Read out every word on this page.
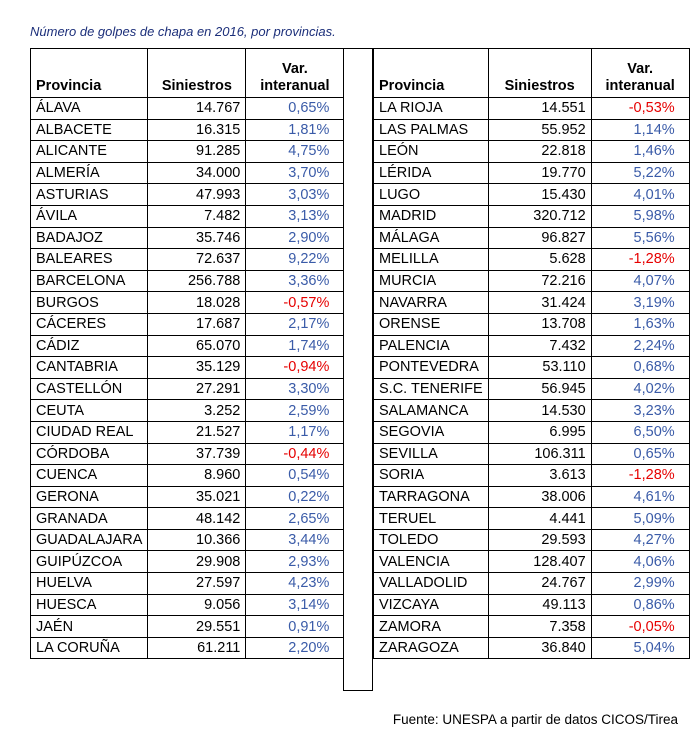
Número de golpes de chapa en 2016, por provincias.
Provincia	Siniestros	Var.
interanual
ÁLAVA	14.767	0,65%
ALBACETE	16.315	1,81%
ALICANTE	91.285	4,75%
ALMERÍA	34.000	3,70%
ASTURIAS	47.993	3,03%
ÁVILA	7.482	3,13%
BADAJOZ	35.746	2,90%
BALEARES	72.637	9,22%
BARCELONA	256.788	3,36%
BURGOS	18.028	-0,57%
CÁCERES	17.687	2,17%
CÁDIZ	65.070	1,74%
CANTABRIA	35.129	-0,94%
CASTELLÓN	27.291	3,30%
CEUTA	3.252	2,59%
CIUDAD REAL	21.527	1,17%
CÓRDOBA	37.739	-0,44%
CUENCA	8.960	0,54%
GERONA	35.021	0,22%
GRANADA	48.142	2,65%
GUADALAJARA	10.366	3,44%
GUIPÚZCOA	29.908	2,93%
HUELVA	27.597	4,23%
HUESCA	9.056	3,14%
JAÉN	29.551	0,91%
LA CORUÑA	61.211	2,20%
Provincia	Siniestros	Var.
interanual
LA RIOJA	14.551	-0,53%
LAS PALMAS	55.952	1,14%
LEÓN	22.818	1,46%
LÉRIDA	19.770	5,22%
LUGO	15.430	4,01%
MADRID	320.712	5,98%
MÁLAGA	96.827	5,56%
MELILLA	5.628	-1,28%
MURCIA	72.216	4,07%
NAVARRA	31.424	3,19%
ORENSE	13.708	1,63%
PALENCIA	7.432	2,24%
PONTEVEDRA	53.110	0,68%
S.C. TENERIFE	56.945	4,02%
SALAMANCA	14.530	3,23%
SEGOVIA	6.995	6,50%
SEVILLA	106.311	0,65%
SORIA	3.613	-1,28%
TARRAGONA	38.006	4,61%
TERUEL	4.441	5,09%
TOLEDO	29.593	4,27%
VALENCIA	128.407	4,06%
VALLADOLID	24.767	2,99%
VIZCAYA	49.113	0,86%
ZAMORA	7.358	-0,05%
ZARAGOZA	36.840	5,04%
Fuente: UNESPA a partir de datos CICOS/Tirea
